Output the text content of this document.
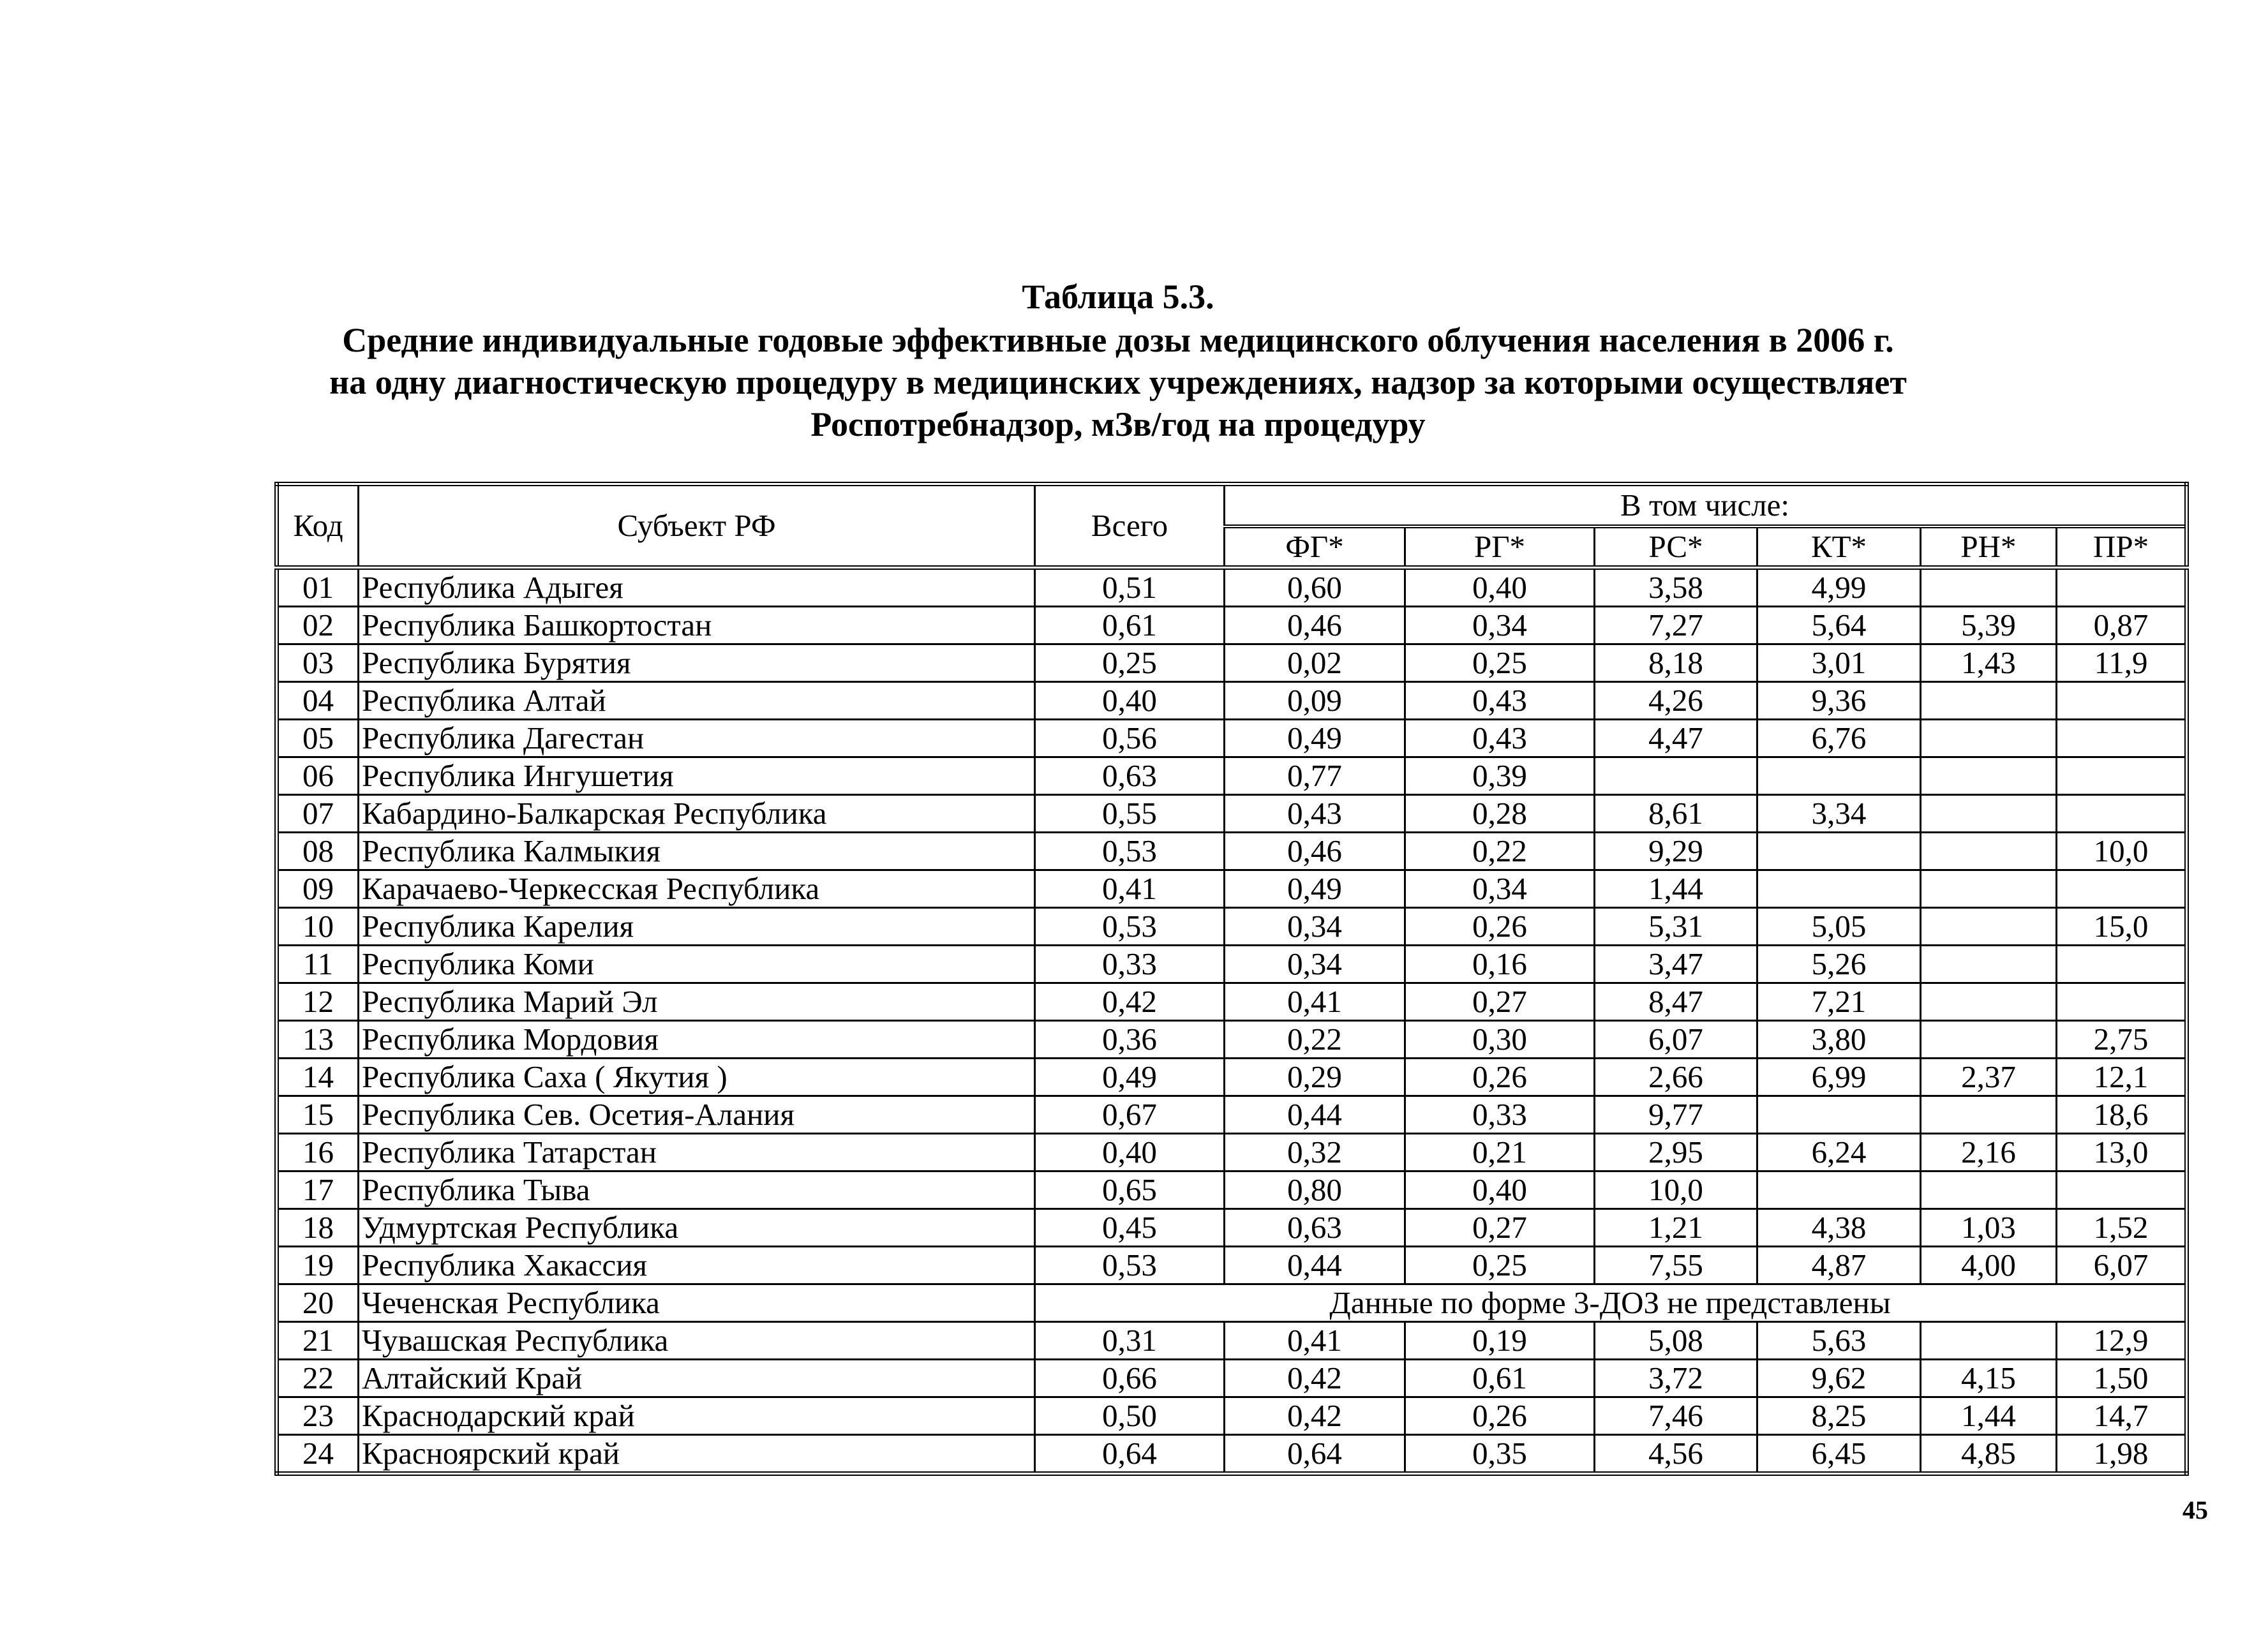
Таблица 5.3.
Средние индивидуальные годовые эффективные дозы медицинского облучения населения в 2006 г.
на одну диагностическую процедуру в медицинских учреждениях, надзор за которыми осуществляет
Роспотребнадзор, мЗв/год на процедуру
Код	Субъект РФ	Всего	В том числе:					
			ФГ*	РГ*	РС*	КТ*	РН*	ПР*
01	Республика Адыгея	0,51	0,60	0,40	3,58	4,99		
02	Республика Башкортостан	0,61	0,46	0,34	7,27	5,64	5,39	0,87
03	Республика Бурятия	0,25	0,02	0,25	8,18	3,01	1,43	11,9
04	Республика Алтай	0,40	0,09	0,43	4,26	9,36		
05	Республика Дагестан	0,56	0,49	0,43	4,47	6,76		
06	Республика Ингушетия	0,63	0,77	0,39				
07	Кабардино-Балкарская Республика	0,55	0,43	0,28	8,61	3,34		
08	Республика Калмыкия	0,53	0,46	0,22	9,29			10,0
09	Карачаево-Черкесская Республика	0,41	0,49	0,34	1,44			
10	Республика Карелия	0,53	0,34	0,26	5,31	5,05		15,0
11	Республика Коми	0,33	0,34	0,16	3,47	5,26		
12	Республика Марий Эл	0,42	0,41	0,27	8,47	7,21		
13	Республика Мордовия	0,36	0,22	0,30	6,07	3,80		2,75
14	Республика Саха ( Якутия )	0,49	0,29	0,26	2,66	6,99	2,37	12,1
15	Республика Сев. Осетия-Алания	0,67	0,44	0,33	9,77			18,6
16	Республика Татарстан	0,40	0,32	0,21	2,95	6,24	2,16	13,0
17	Республика Тыва	0,65	0,80	0,40	10,0			
18	Удмуртская Республика	0,45	0,63	0,27	1,21	4,38	1,03	1,52
19	Республика Хакассия	0,53	0,44	0,25	7,55	4,87	4,00	6,07
20	Чеченская Республика	Данные по форме 3-ДОЗ не представлены						
21	Чувашская Республика	0,31	0,41	0,19	5,08	5,63		12,9
22	Алтайский Край	0,66	0,42	0,61	3,72	9,62	4,15	1,50
23	Краснодарский край	0,50	0,42	0,26	7,46	8,25	1,44	14,7
24	Красноярский край	0,64	0,64	0,35	4,56	6,45	4,85	1,98
45
